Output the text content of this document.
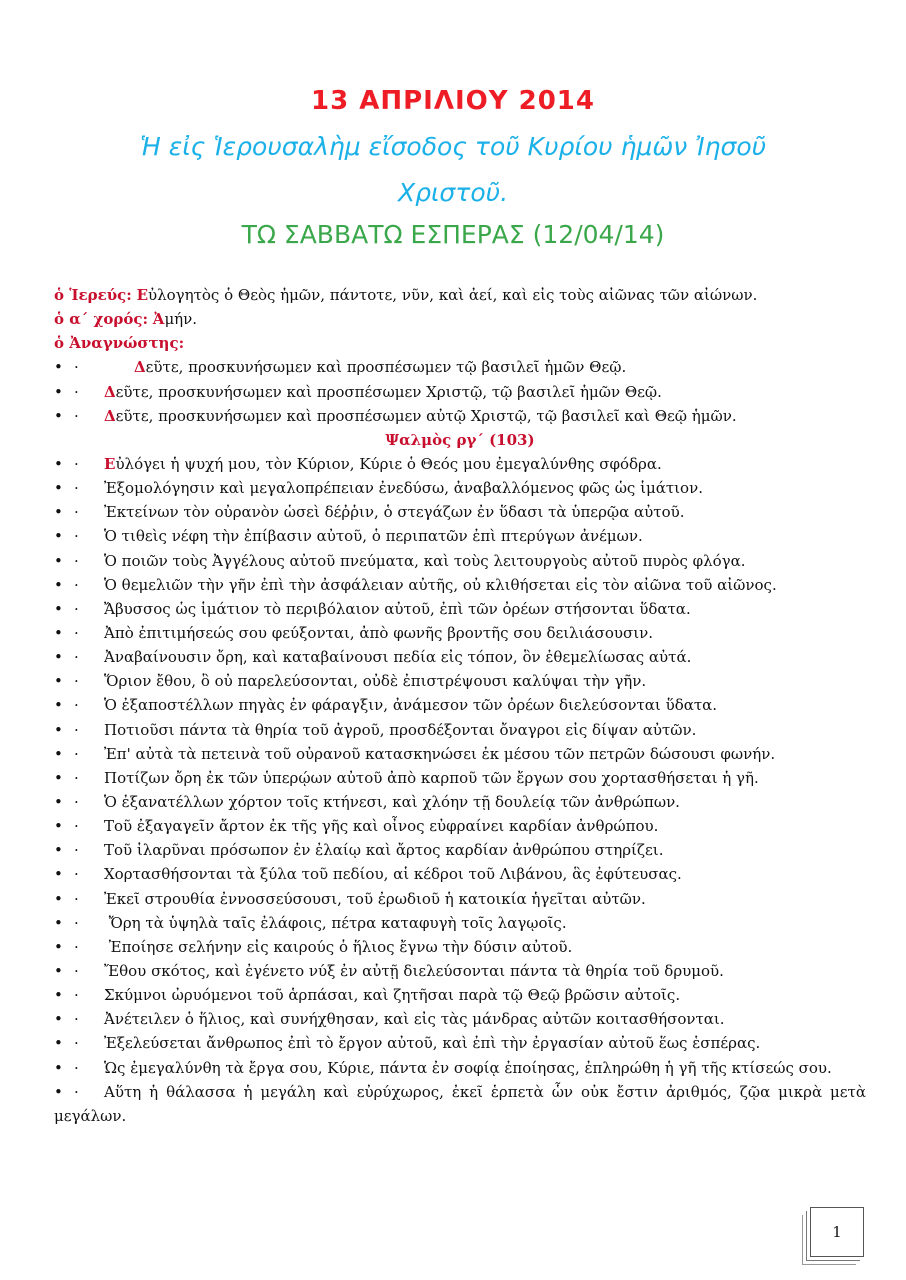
13 ΑΠΡΙΛΙΟΥ 2014
Ἡ εἰς Ἱερουσαλὴμ εἴσοδος τοῦ Κυρίου ἡμῶν Ἰησοῦ
Χριστοῦ.
ΤΩ ΣΑΒΒΑΤΩ ΕΣΠΕΡΑΣ (12/04/14)
ὁ Ἱερεύς: Εὐλογητὸς ὁ Θεὸς ἡμῶν, πάντοτε, νῦν, καὶ ἀεί, καὶ εἰς τοὺς αἰῶνας τῶν αἰώνων.
ὁ α΄ χορός: Ἀμήν.
ὁ Ἀναγνώστης:
• ·	Δεῦτε, προσκυνήσωμεν καὶ προσπέσωμεν τῷ βασιλεῖ ἡμῶν Θεῷ.
• · Δεῦτε, προσκυνήσωμεν καὶ προσπέσωμεν Χριστῷ, τῷ βασιλεῖ ἡμῶν Θεῷ.
• · Δεῦτε, προσκυνήσωμεν καὶ προσπέσωμεν αὐτῷ Χριστῷ, τῷ βασιλεῖ καὶ Θεῷ ἡμῶν.
Ψαλμὸς ργ΄ (103)
• · Εὐλόγει ἡ ψυχή μου, τὸν Κύριον, Κύριε ὁ Θεός μου ἐμεγαλύνθης σφόδρα.
• · Ἐξομολόγησιν καὶ μεγαλοπρέπειαν ἐνεδύσω, ἀναβαλλόμενος φῶς ὡς ἱμάτιον.
• · Ἐκτείνων τὸν οὐρανὸν ὡσεὶ δέῤῥιν, ὁ στεγάζων ἐν ὕδασι τὰ ὑπερῷα αὐτοῦ.
• · Ὁ τιθεὶς νέφη τὴν ἐπίβασιν αὐτοῦ, ὁ περιπατῶν ἐπὶ πτερύγων ἀνέμων.
• · Ὁ ποιῶν τοὺς Ἀγγέλους αὐτοῦ πνεύματα, καὶ τοὺς λειτουργοὺς αὐτοῦ πυρὸς φλόγα.
• · Ὁ θεμελιῶν τὴν γῆν ἐπὶ τὴν ἀσφάλειαν αὐτῆς, οὐ κλιθήσεται εἰς τὸν αἰῶνα τοῦ αἰῶνος.
• · Ἄβυσσος ὡς ἱμάτιον τὸ περιβόλαιον αὐτοῦ, ἐπὶ τῶν ὀρέων στήσονται ὕδατα.
• · Ἀπὸ ἐπιτιμήσεώς σου φεύξονται, ἀπὸ φωνῆς βροντῆς σου δειλιάσουσιν.
• · Ἀναβαίνουσιν ὄρη, καὶ καταβαίνουσι πεδία εἰς τόπον, ὃν ἐθεμελίωσας αὐτά.
• · Ὅριον ἔθου, ὃ οὐ παρελεύσονται, οὐδὲ ἐπιστρέψουσι καλύψαι τὴν γῆν.
• · Ὁ ἐξαποστέλλων πηγὰς ἐν φάραγξιν, ἀνάμεσον τῶν ὀρέων διελεύσονται ὕδατα.
• · Ποτιοῦσι πάντα τὰ θηρία τοῦ ἀγροῦ, προσδέξονται ὄναγροι εἰς δίψαν αὐτῶν.
• · Ἐπ' αὐτὰ τὰ πετεινὰ τοῦ οὐρανοῦ κατασκηνώσει ἐκ μέσου τῶν πετρῶν δώσουσι φωνήν.
• · Ποτίζων ὄρη ἐκ τῶν ὑπερῴων αὐτοῦ ἀπὸ καρποῦ τῶν ἔργων σου χορτασθήσεται ἡ γῆ.
• · Ὁ ἐξανατέλλων χόρτον τοῖς κτήνεσι, καὶ χλόην τῇ δουλείᾳ τῶν ἀνθρώπων.
• · Τοῦ ἐξαγαγεῖν ἄρτον ἐκ τῆς γῆς καὶ οἶνος εὐφραίνει καρδίαν ἀνθρώπου.
• · Τοῦ ἱλαρῦναι πρόσωπον ἐν ἐλαίῳ καὶ ἄρτος καρδίαν ἀνθρώπου στηρίζει.
• · Χορτασθήσονται τὰ ξύλα τοῦ πεδίου, αἱ κέδροι τοῦ Λιβάνου, ἃς ἐφύτευσας.
• · Ἐκεῖ στρουθία ἐννοσσεύσουσι, τοῦ ἐρωδιοῦ ἡ κατοικία ἡγεῖται αὐτῶν.
• · Ὄρη τὰ ὑψηλὰ ταῖς ἐλάφοις, πέτρα καταφυγὴ τοῖς λαγῳοῖς.
• · Ἐποίησε σελήνην εἰς καιρούς ὁ ἥλιος ἔγνω τὴν δύσιν αὐτοῦ.
• · Ἔθου σκότος, καὶ ἐγένετο νύξ ἐν αὐτῇ διελεύσονται πάντα τὰ θηρία τοῦ δρυμοῦ.
• · Σκύμνοι ὠρυόμενοι τοῦ ἁρπάσαι, καὶ ζητῆσαι παρὰ τῷ Θεῷ βρῶσιν αὐτοῖς.
• · Ἀνέτειλεν ὁ ἥλιος, καὶ συνήχθησαν, καὶ εἰς τὰς μάνδρας αὐτῶν κοιτασθήσονται.
• · Ἐξελεύσεται ἄνθρωπος ἐπὶ τὸ ἔργον αὐτοῦ, καὶ ἐπὶ τὴν ἐργασίαν αὐτοῦ ἕως ἑσπέρας.
• · Ὡς ἐμεγαλύνθη τὰ ἔργα σου, Κύριε, πάντα ἐν σοφίᾳ ἐποίησας, ἐπληρώθη ἡ γῆ τῆς κτίσεώς σου.
• · Αὕτη ἡ θάλασσα ἡ μεγάλη καὶ εὐρύχωρος, ἐκεῖ ἑρπετὰ ὧν οὐκ ἔστιν ἀριθμός, ζῷα μικρὰ μετὰ μεγάλων.
1
